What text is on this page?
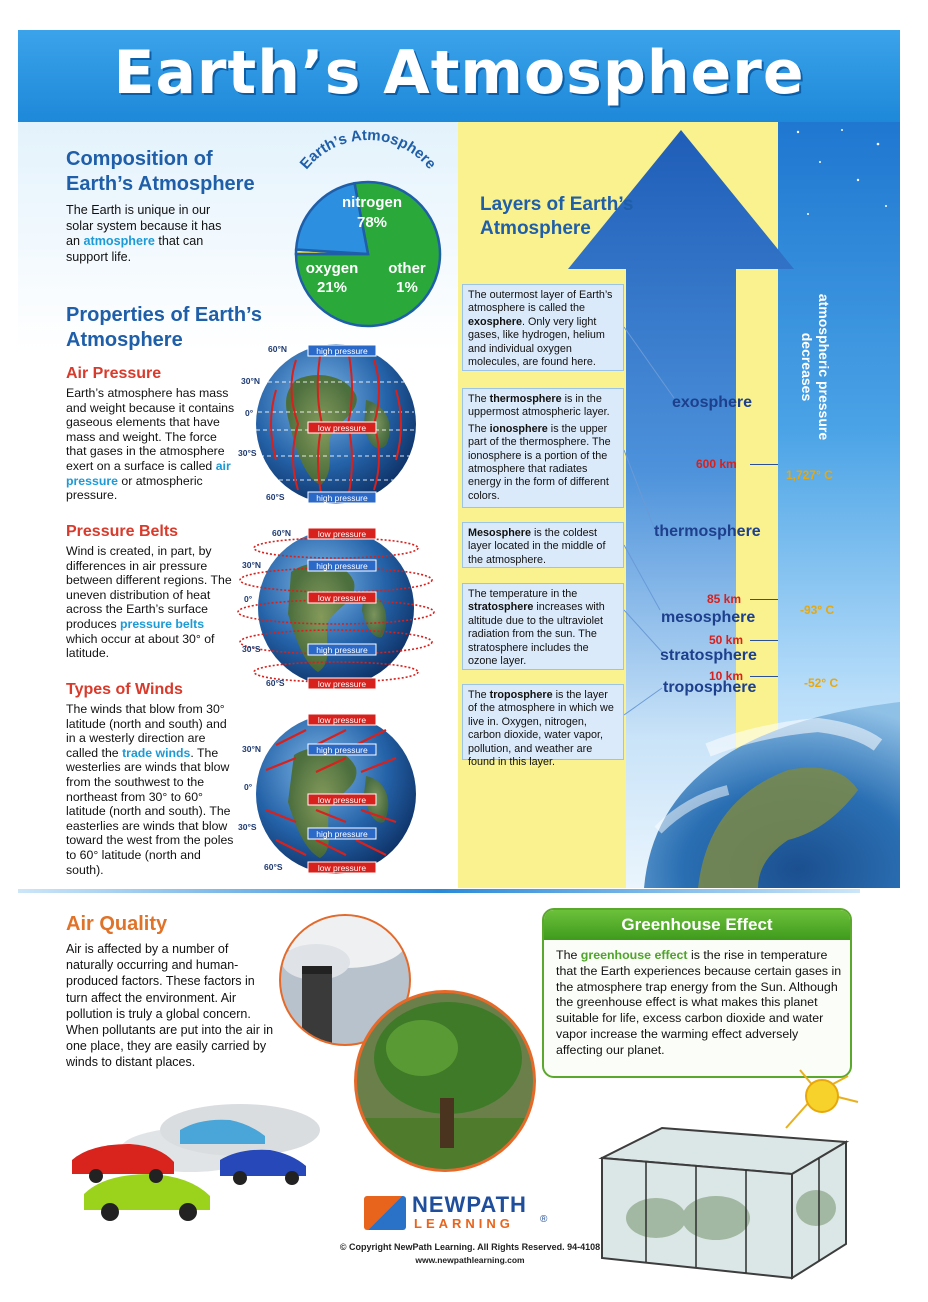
Earth’s Atmosphere
Composition of
Earth’s Atmosphere
The Earth is unique in our solar system because it has an atmosphere that can support life.
Earth’s Atmosphere
nitrogen
78%
oxygen
21%
other
1%
Properties of Earth’s
Atmosphere
Air Pressure
Earth’s atmosphere has mass and weight because it contains gaseous elements that have mass and weight. The force that gases in the atmosphere exert on a surface is called air pressure or atmospheric pressure.
Pressure Belts
Wind is created, in part, by differences in air pressure between different regions. The uneven distribution of heat across the Earth’s surface produces pressure belts which occur at about 30° of latitude.
Types of Winds
The winds that blow from 30° latitude (north and south) and in a westerly direction are called the trade winds. The westerlies are winds that blow from the southwest to the northeast from 30° to 60° latitude (north and south). The easterlies are winds that blow toward the west from the poles to 60° latitude (north and south).
high pressure
low pressure
high pressure
60°N
30°N
0°
30°S
60°S
low pressure
high pressure
low pressure
high pressure
low pressure
60°N
30°N
0°
30°S
60°S
low pressure
high pressure
low pressure
high pressure
low pressure
30°N
0°
30°S
60°S
Layers of Earth’s
Atmosphere
atmospheric pressure
decreases
The outermost layer of Earth’s atmosphere is called the exosphere. Only very light gases, like hydrogen, helium and individual oxygen molecules, are found here.
The thermosphere is in the uppermost atmospheric layer.
The ionosphere is the upper part of the thermosphere. The ionosphere is a portion of the atmosphere that radiates energy in the form of different colors.
Mesosphere is the coldest layer located in the middle of the atmosphere.
The temperature in the stratosphere increases with altitude due to the ultraviolet radiation from the sun. The stratosphere includes the ozone layer.
The troposphere is the layer of the atmosphere in which we live in. Oxygen, nitrogen, carbon dioxide, water vapor, pollution, and weather are found in this layer.
exosphere
thermosphere
mesosphere
stratosphere
troposphere
600 km
85 km
50 km
10 km
1,727° C
-93° C
-52° C
Air Quality
Air is affected by a number of naturally occurring and human-produced factors. These factors in turn affect the environment. Air pollution is truly a global concern. When pollutants are put into the air in one place, they are easily carried by winds to distant places.
Greenhouse Effect
The greenhouse effect is the rise in temperature that the Earth experiences because certain gases in the atmosphere trap energy from the Sun. Although the greenhouse effect is what makes this planet suitable for life, excess carbon dioxide and water vapor increase the warming effect adversely affecting our planet.
NEWPATH
LEARNING	®
© Copyright NewPath Learning. All Rights Reserved. 94-4108
www.newpathlearning.com
